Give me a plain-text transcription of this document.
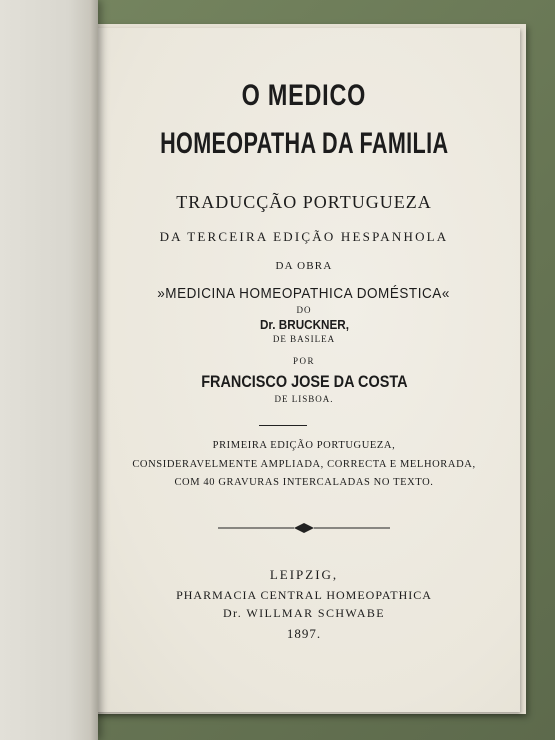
O MEDICO
HOMEOPATHA DA FAMILIA
TRADUCÇÃO PORTUGUEZA
DA TERCEIRA EDIÇÃO HESPANHOLA
DA OBRA
»MEDICINA HOMEOPATHICA DOMÉSTICA«
DO
Dr. BRUCKNER,
DE BASILEA
POR
FRANCISCO JOSE DA COSTA
DE LISBOA.
PRIMEIRA EDIÇÃO PORTUGUEZA,
CONSIDERAVELMENTE AMPLIADA, CORRECTA E MELHORADA,
COM 40 GRAVURAS INTERCALADAS NO TEXTO.
LEIPZIG,
PHARMACIA CENTRAL HOMEOPATHICA
Dr. WILLMAR SCHWABE
1897.
